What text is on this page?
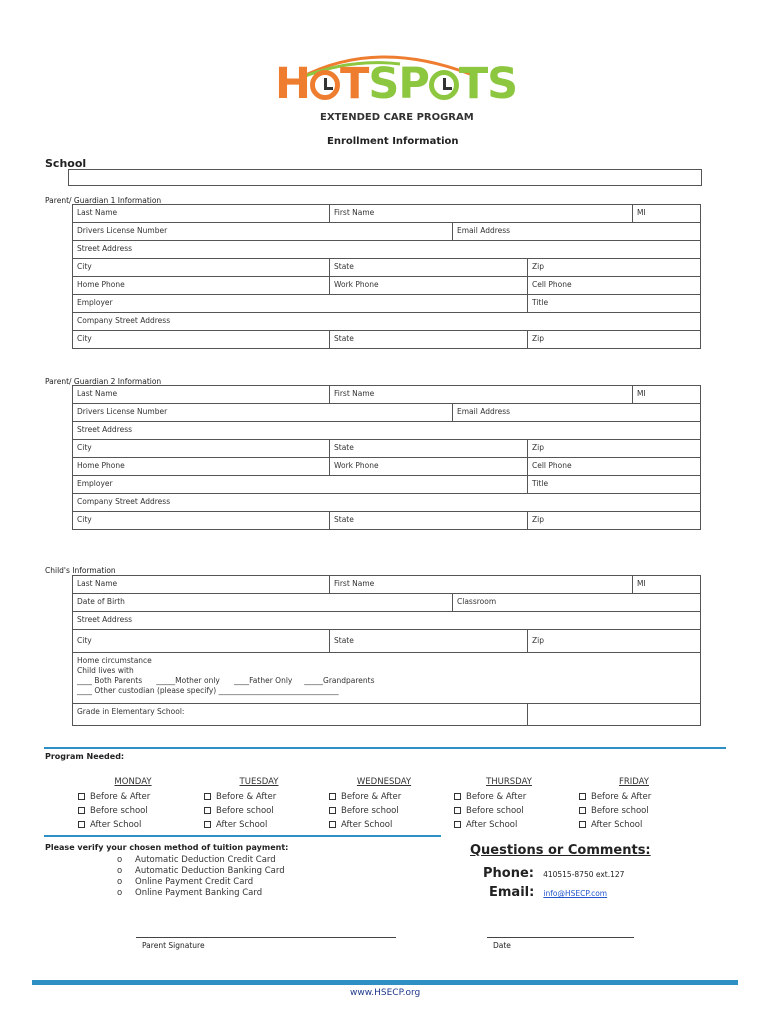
H TSP TS
EXTENDED CARE PROGRAM
Enrollment Information
School
Parent/ Guardian 1 Information
Last Name	First Name			MI
Drivers License Number		Email Address		
Street Address				
City	State		Zip	
Home Phone	Work Phone		Cell Phone	
Employer			Title	
Company Street Address				
City	State		Zip	
Parent/ Guardian 2 Information
Last Name	First Name			MI
Drivers License Number		Email Address		
Street Address				
City	State		Zip	
Home Phone	Work Phone		Cell Phone	
Employer			Title	
Company Street Address				
City	State		Zip	
Child's Information
Last Name	First Name			MI
Date of Birth		Classroom		
Street Address				
City	State		Zip	

Home circumstance
Child lives with
____ Both Parents      _____Mother only      ____Father Only     _____Grandparents
____ Other custodian (please specify) ________________________________				

Grade in Elementary School:				
Program Needed:
MONDAY
Before & After
Before school
After School
TUESDAY
Before & After
Before school
After School
WEDNESDAY
Before & After
Before school
After School
THURSDAY
Before & After
Before school
After School
FRIDAY
Before & After
Before school
After School
Please verify your chosen method of tuition payment:
o Automatic Deduction Credit Card
o Automatic Deduction Banking Card
o Online Payment Credit Card
o Online Payment Banking Card
Questions or Comments:
Phone: 410515-8750 ext.127
Email: info@HSECP.com
Parent Signature	Date
www.HSECP.org
